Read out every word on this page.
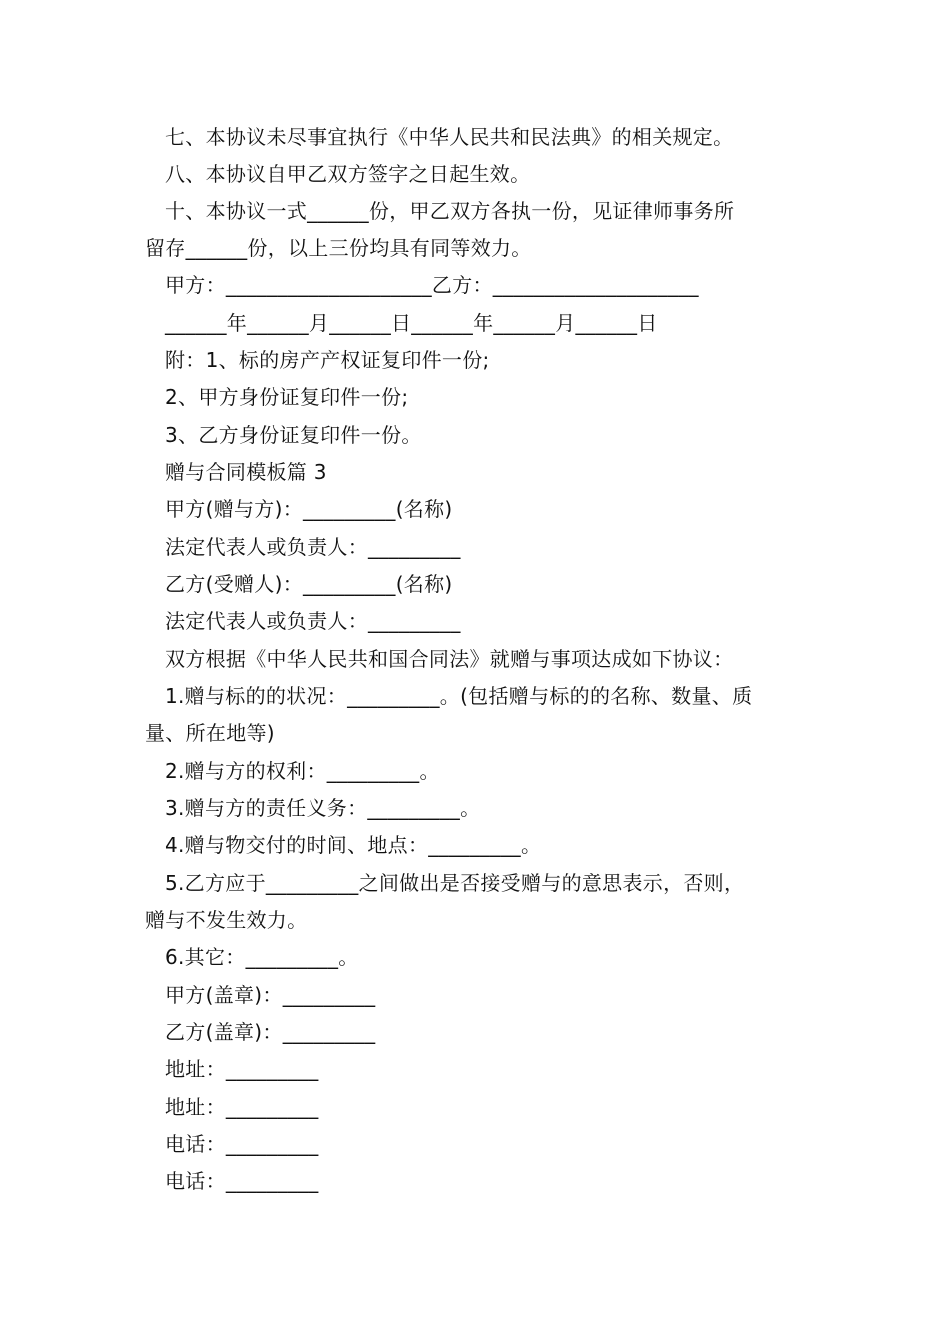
七、本协议未尽事宜执行《中华人民共和民法典》的相关规定。
八、本协议自甲乙双方签字之日起生效。
十、本协议一式______份，甲乙双方各执一份，见证律师事务所
留存______份，以上三份均具有同等效力。
甲方：____________________乙方：____________________
______年______月______日______年______月______日
附：1、标的房产产权证复印件一份;
2、甲方身份证复印件一份;
3、乙方身份证复印件一份。
赠与合同模板篇 3
甲方(赠与方)：_________(名称)
法定代表人或负责人：_________
乙方(受赠人)：_________(名称)
法定代表人或负责人：_________
双方根据《中华人民共和国合同法》就赠与事项达成如下协议：
1.赠与标的的状况：_________。(包括赠与标的的名称、数量、质
量、所在地等)
2.赠与方的权利：_________。
3.赠与方的责任义务：_________。
4.赠与物交付的时间、地点：_________。
5.乙方应于_________之间做出是否接受赠与的意思表示，否则，
赠与不发生效力。
6.其它：_________。
甲方(盖章)：_________
乙方(盖章)：_________
地址：_________
地址：_________
电话：_________
电话：_________
